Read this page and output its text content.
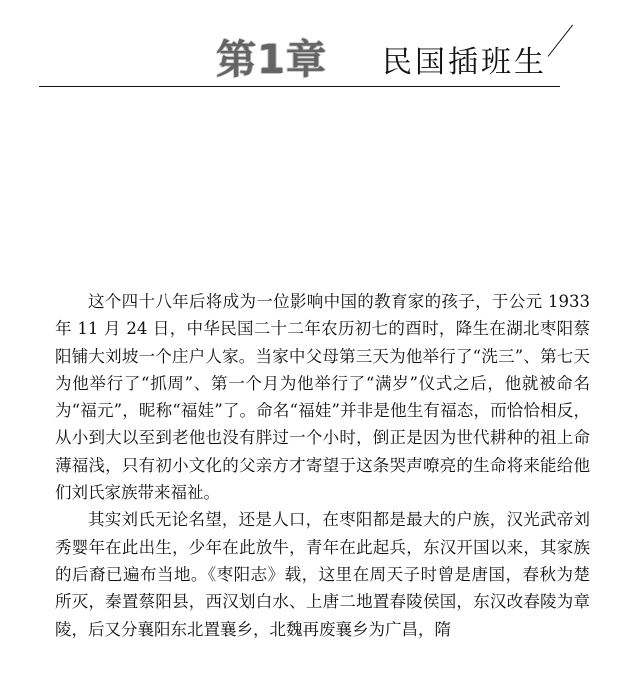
第1章 民国插班生

这个四十八年后将成为一位影响中国的教育家的孩子，于公元 1933 年 11 月 24 日，中华民国二十二年农历初七的酉时，降生在湖北枣阳蔡阳铺大刘坡一个庄户人家。当家中父母第三天为他举行了“洗三”、第七天为他举行了“抓周”、第一个月为他举行了“满岁”仪式之后，他就被命名为“福元”，昵称“福娃”了。命名“福娃”并非是他生有福态，而恰恰相反，从小到大以至到老他也没有胖过一个小时，倒正是因为世代耕种的祖上命薄福浅，只有初小文化的父亲方才寄望于这条哭声嘹亮的生命将来能给他们刘氏家族带来福祉。

其实刘氏无论名望，还是人口，在枣阳都是最大的户族，汉光武帝刘秀婴年在此出生，少年在此放牛，青年在此起兵，东汉开国以来，其家族的后裔已遍布当地。《枣阳志》载，这里在周天子时曾是唐国，春秋为楚所灭，秦置蔡阳县，西汉划白水、上唐二地置春陵侯国，东汉改春陵为章陵，后又分襄阳东北置襄乡，北魏再废襄乡为广昌，隋
